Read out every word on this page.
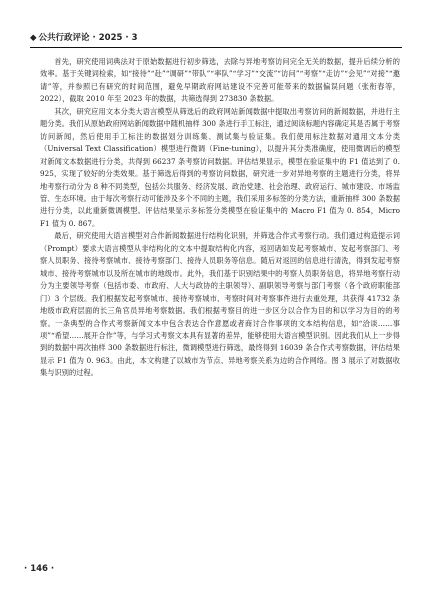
◆ 公共行政评论 · 2025 · 3

首先，研究使用词典法对于原始数据进行初步筛选，去除与异地考察访问完全无关的数据，提升后续分析的效率。基于关键词检索，如“接待”“赴”“调研”“带队”“率队”“学习”“交流”“访问”“考察”“走访”“会见”“对接”“邀请”等，并参照已有研究的时间范围，避免早期政府网站建设不完善可能带来的数据偏误问题（张衔春等，2022），截取 2010 年至 2023 年的数据，共筛选得到 273830 条数据。

其次，研究应用文本分类大语言模型从筛选后的政府网站新闻数据中提取出考察访问的新闻数据，并进行主题分类。我们从原始政府网站新闻数据中随机抽样 300 条进行手工标注，通过阅读标题内容确定其是否属于考察访问新闻，然后使用手工标注的数据划分训练集、测试集与验证集。我们使用标注数据对通用文本分类（Universal Text Classification）模型进行微调（Fine-tuning），以提升其分类准确度，使用微调后的模型对新闻文本数据进行分类，共得到 66237 条考察访问数据。评估结果显示，模型在验证集中的 F1 值达到了 0. 925，实现了较好的分类效果。基于筛选后得到的考察访问数据，研究进一步对异地考察的主题进行分类，将异地考察行动分为 8 种不同类型，包括公共服务、经济发展、政治党建、社会治理、政府运行、城市建设、市场监管、生态环境。由于每次考察行动可能涉及多个不同的主题，我们采用多标签的分类方法，重新抽样 300 条数据进行分类，以此重新微调模型。评估结果显示多标签分类模型在验证集中的 Macro F1 值为 0. 854，Micro F1 值为 0. 867。

最后，研究使用大语言模型对合作新闻数据进行结构化识别，并筛选合作式考察行动。我们通过构造提示词（Prompt）要求大语言模型从非结构化的文本中提取结构化内容，返回诸如发起考察城市、发起考察部门、考察人员职务、接待考察城市、接待考察部门、接待人员职务等信息。随后对返回的信息进行清洗，得到发起考察城市、接待考察城市以及所在城市的地级市。此外，我们基于识别结果中的考察人员职务信息，将异地考察行动分为主要领导考察（包括市委、市政府、人大与政协的主职领导）、副职领导考察与部门考察（各个政府职能部门）3 个层级。我们根据发起考察城市、接待考察城市、考察时间对考察事件进行去重处理，共获得 41732 条地级市政府层面的长三角官员异地考察数据。我们根据考察目的进一步区分以合作为目的和以学习为目的的考察。一条典型的合作式考察新闻文本中包含表达合作意愿或者商讨合作事项的文本结构信息，如“洽谈……事项”“希望……展开合作”等，与学习式考察文本具有显著的差异，能够使用大语言模型识别。因此我们从上一步得到的数据中再次抽样 300 条数据进行标注，微调模型进行筛选，最终得到 16039 条合作式考察数据，评估结果显示 F1 值为 0. 963。由此，本文构建了以城市为节点、异地考察关系为边的合作网络。图 3 展示了对数据收集与识别的过程。

· 146 ·
